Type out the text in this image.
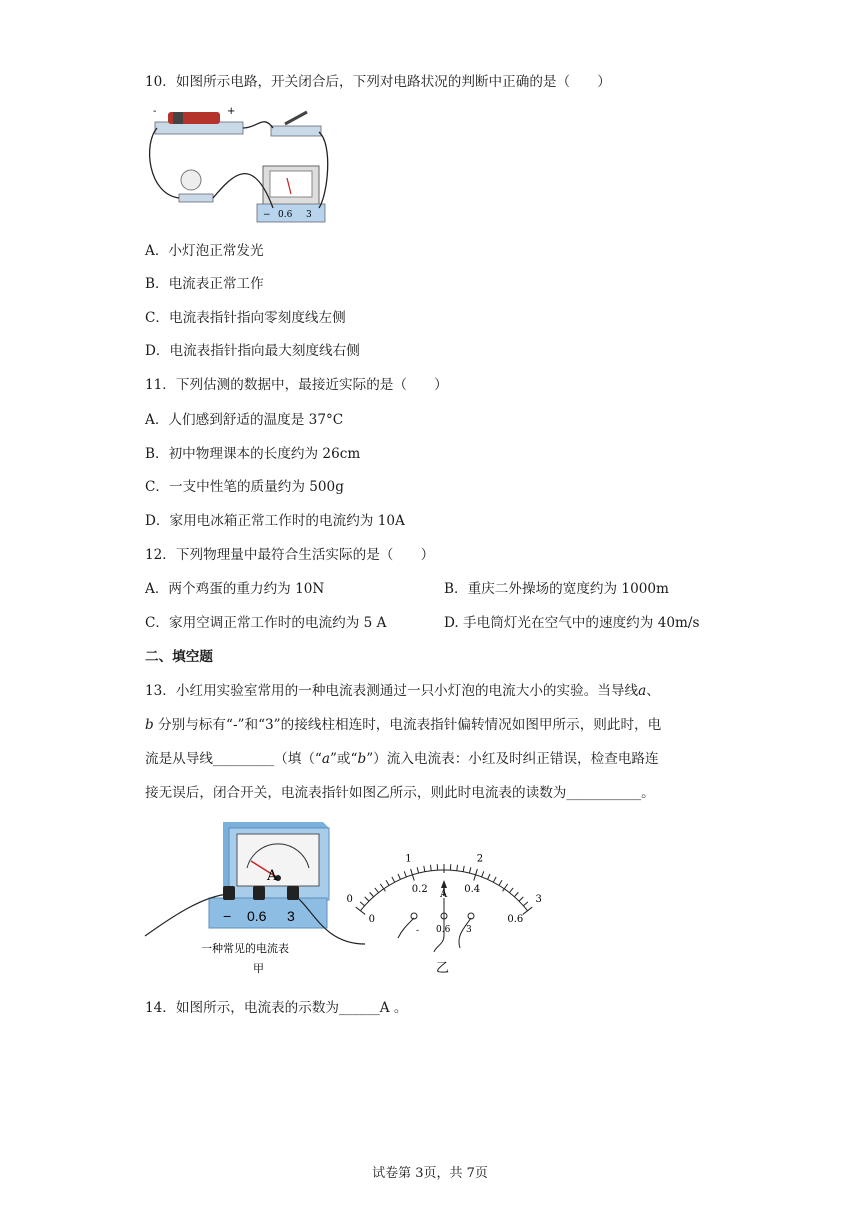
10．如图所示电路，开关闭合后，下列对电路状况的判断中正确的是（　　）
-	+
− 0.6 3
A．小灯泡正常发光
B．电流表正常工作
C．电流表指针指向零刻度线左侧
D．电流表指针指向最大刻度线右侧
11．下列估测的数据中，最接近实际的是（　　）
A．人们感到舒适的温度是 37°C
B．初中物理课本的长度约为 26cm
C．一支中性笔的质量约为 500g
D．家用电冰箱正常工作时的电流约为 10A
12．下列物理量中最符合生活实际的是（　　）
A．两个鸡蛋的重力约为 10N	B．重庆二外操场的宽度约为 1000m
C．家用空调正常工作时的电流约为 5 A	D. 手电筒灯光在空气中的速度约为 40m/s
二、填空题
13．小红用实验室常用的一种电流表测通过一只小灯泡的电流大小的实验。当导线a、
b 分别与标有“-”和“3”的接线柱相连时，电流表指针偏转情况如图甲所示，则此时，电
流是从导线_________（填（“a”或“b”）流入电流表：小红及时纠正错误，检查电路连
接无误后，闭合开关，电流表指针如图乙所示，则此时电流表的读数为___________。
A
− 0.6 3
一种常见的电流表
甲
0
1	2
3
0
0.2	0.4
0.6
A
- 0.6 3
乙
14．如图所示，电流表的示数为______A 。
试卷第 3页，共 7页
